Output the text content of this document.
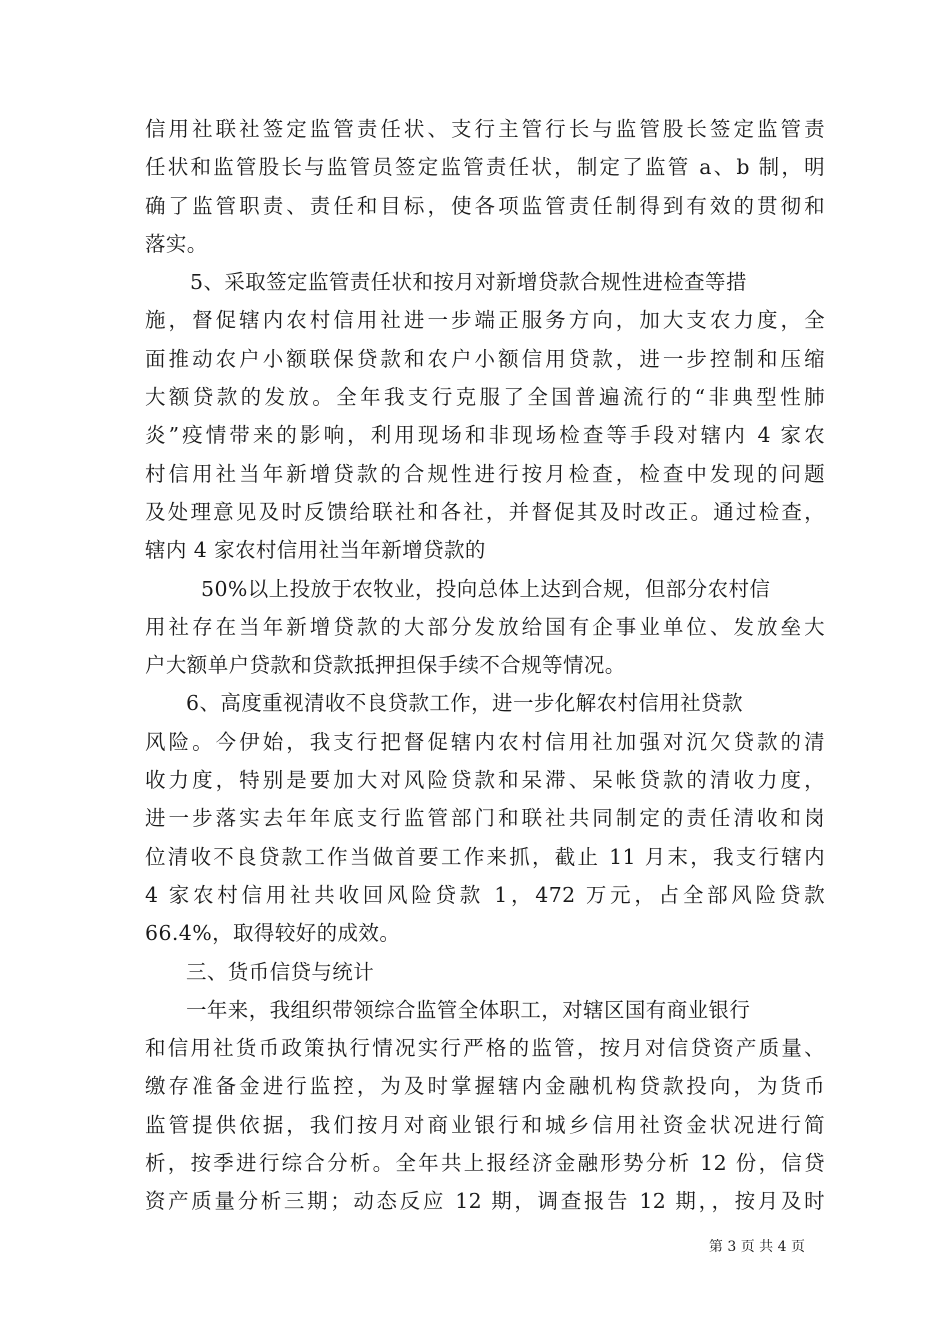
信用社联社签定监管责任状、支行主管行长与监管股长签定监管责
任状和监管股长与监管员签定监管责任状，制定了监管 a、b 制，明
确了监管职责、责任和目标，使各项监管责任制得到有效的贯彻和
落实。
5、采取签定监管责任状和按月对新增贷款合规性进检查等措
施，督促辖内农村信用社进一步端正服务方向，加大支农力度，全
面推动农户小额联保贷款和农户小额信用贷款，进一步控制和压缩
大额贷款的发放。全年我支行克服了全国普遍流行的“非典型性肺
炎”疫情带来的影响，利用现场和非现场检查等手段对辖内 4 家农
村信用社当年新增贷款的合规性进行按月检查，检查中发现的问题
及处理意见及时反馈给联社和各社，并督促其及时改正。通过检查，
辖内 4 家农村信用社当年新增贷款的
50%以上投放于农牧业，投向总体上达到合规，但部分农村信
用社存在当年新增贷款的大部分发放给国有企事业单位、发放垒大
户大额单户贷款和贷款抵押担保手续不合规等情况。
6、高度重视清收不良贷款工作，进一步化解农村信用社贷款
风险。今伊始，我支行把督促辖内农村信用社加强对沉欠贷款的清
收力度，特别是要加大对风险贷款和呆滞、呆帐贷款的清收力度，
进一步落实去年年底支行监管部门和联社共同制定的责任清收和岗
位清收不良贷款工作当做首要工作来抓，截止 11 月末，我支行辖内
4 家农村信用社共收回风险贷款 1，472 万元，占全部风险贷款
66.4%，取得较好的成效。
三、货币信贷与统计
一年来，我组织带领综合监管全体职工，对辖区国有商业银行
和信用社货币政策执行情况实行严格的监管，按月对信贷资产质量、
缴存准备金进行监控，为及时掌握辖内金融机构贷款投向，为货币
监管提供依据，我们按月对商业银行和城乡信用社资金状况进行简
析，按季进行综合分析。全年共上报经济金融形势分析 12 份，信贷
资产质量分析三期；动态反应 12 期，调查报告 12 期，，按月及时
第 3 页 共 4 页
